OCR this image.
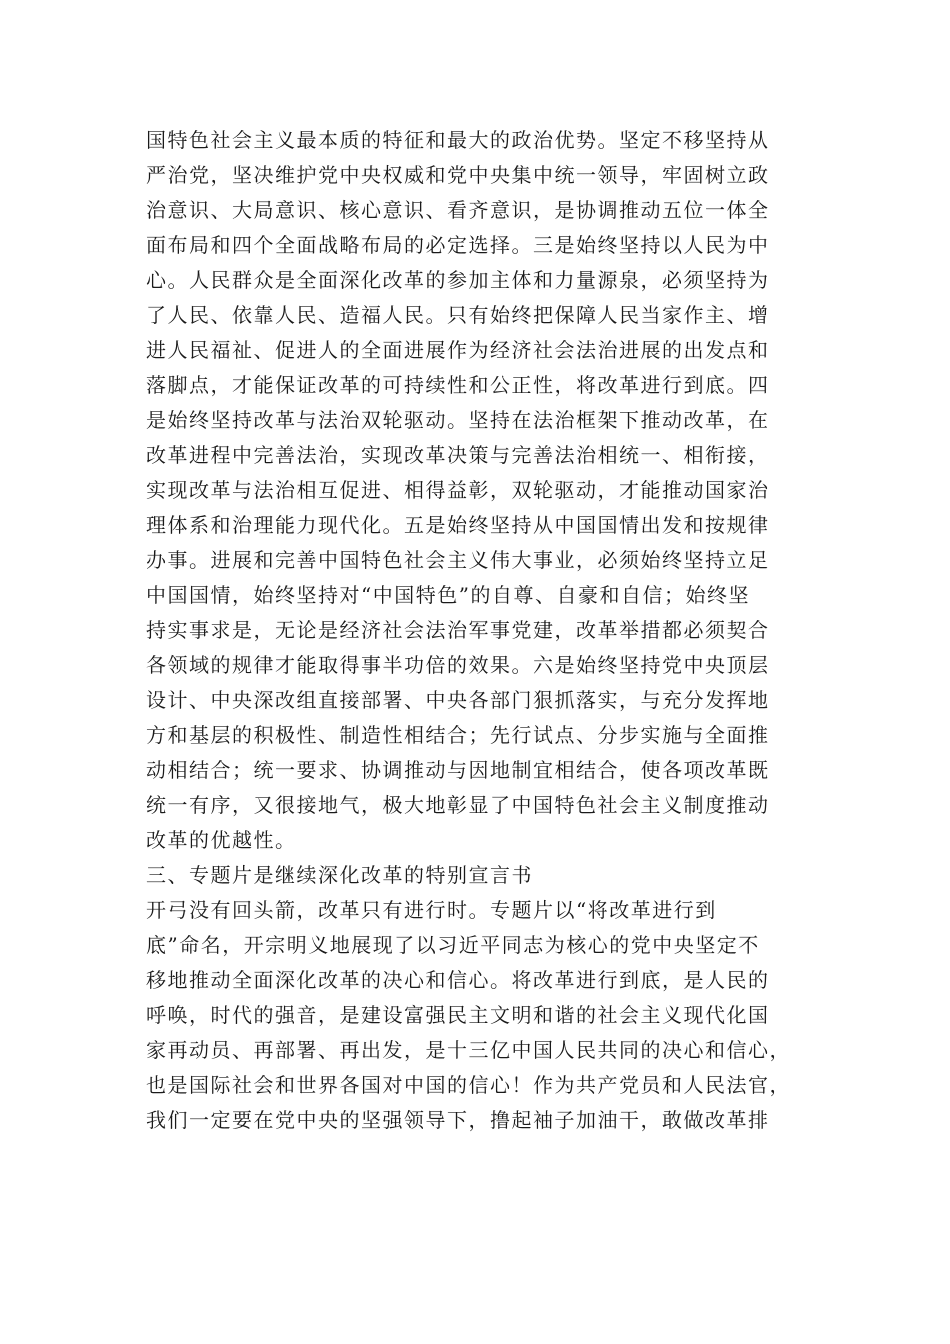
国特色社会主义最本质的特征和最大的政治优势。坚定不移坚持从
严治党，坚决维护党中央权威和党中央集中统一领导，牢固树立政
治意识、大局意识、核心意识、看齐意识，是协调推动五位一体全
面布局和四个全面战略布局的必定选择。三是始终坚持以人民为中
心。人民群众是全面深化改革的参加主体和力量源泉，必须坚持为
了人民、依靠人民、造福人民。只有始终把保障人民当家作主、增
进人民福祉、促进人的全面进展作为经济社会法治进展的出发点和
落脚点，才能保证改革的可持续性和公正性，将改革进行到底。四
是始终坚持改革与法治双轮驱动。坚持在法治框架下推动改革，在
改革进程中完善法治，实现改革决策与完善法治相统一、相衔接，
实现改革与法治相互促进、相得益彰，双轮驱动，才能推动国家治
理体系和治理能力现代化。五是始终坚持从中国国情出发和按规律
办事。进展和完善中国特色社会主义伟大事业，必须始终坚持立足
中国国情，始终坚持对“中国特色”的自尊、自豪和自信；始终坚
持实事求是，无论是经济社会法治军事党建，改革举措都必须契合
各领域的规律才能取得事半功倍的效果。六是始终坚持党中央顶层
设计、中央深改组直接部署、中央各部门狠抓落实，与充分发挥地
方和基层的积极性、制造性相结合；先行试点、分步实施与全面推
动相结合；统一要求、协调推动与因地制宜相结合，使各项改革既
统一有序，又很接地气，极大地彰显了中国特色社会主义制度推动
改革的优越性。
三、专题片是继续深化改革的特别宣言书
开弓没有回头箭，改革只有进行时。专题片以“将改革进行到
底”命名，开宗明义地展现了以习近平同志为核心的党中央坚定不
移地推动全面深化改革的决心和信心。将改革进行到底，是人民的
呼唤，时代的强音，是建设富强民主文明和谐的社会主义现代化国
家再动员、再部署、再出发，是十三亿中国人民共同的决心和信心，
也是国际社会和世界各国对中国的信心！作为共产党员和人民法官，
我们一定要在党中央的坚强领导下，撸起袖子加油干，敢做改革排
